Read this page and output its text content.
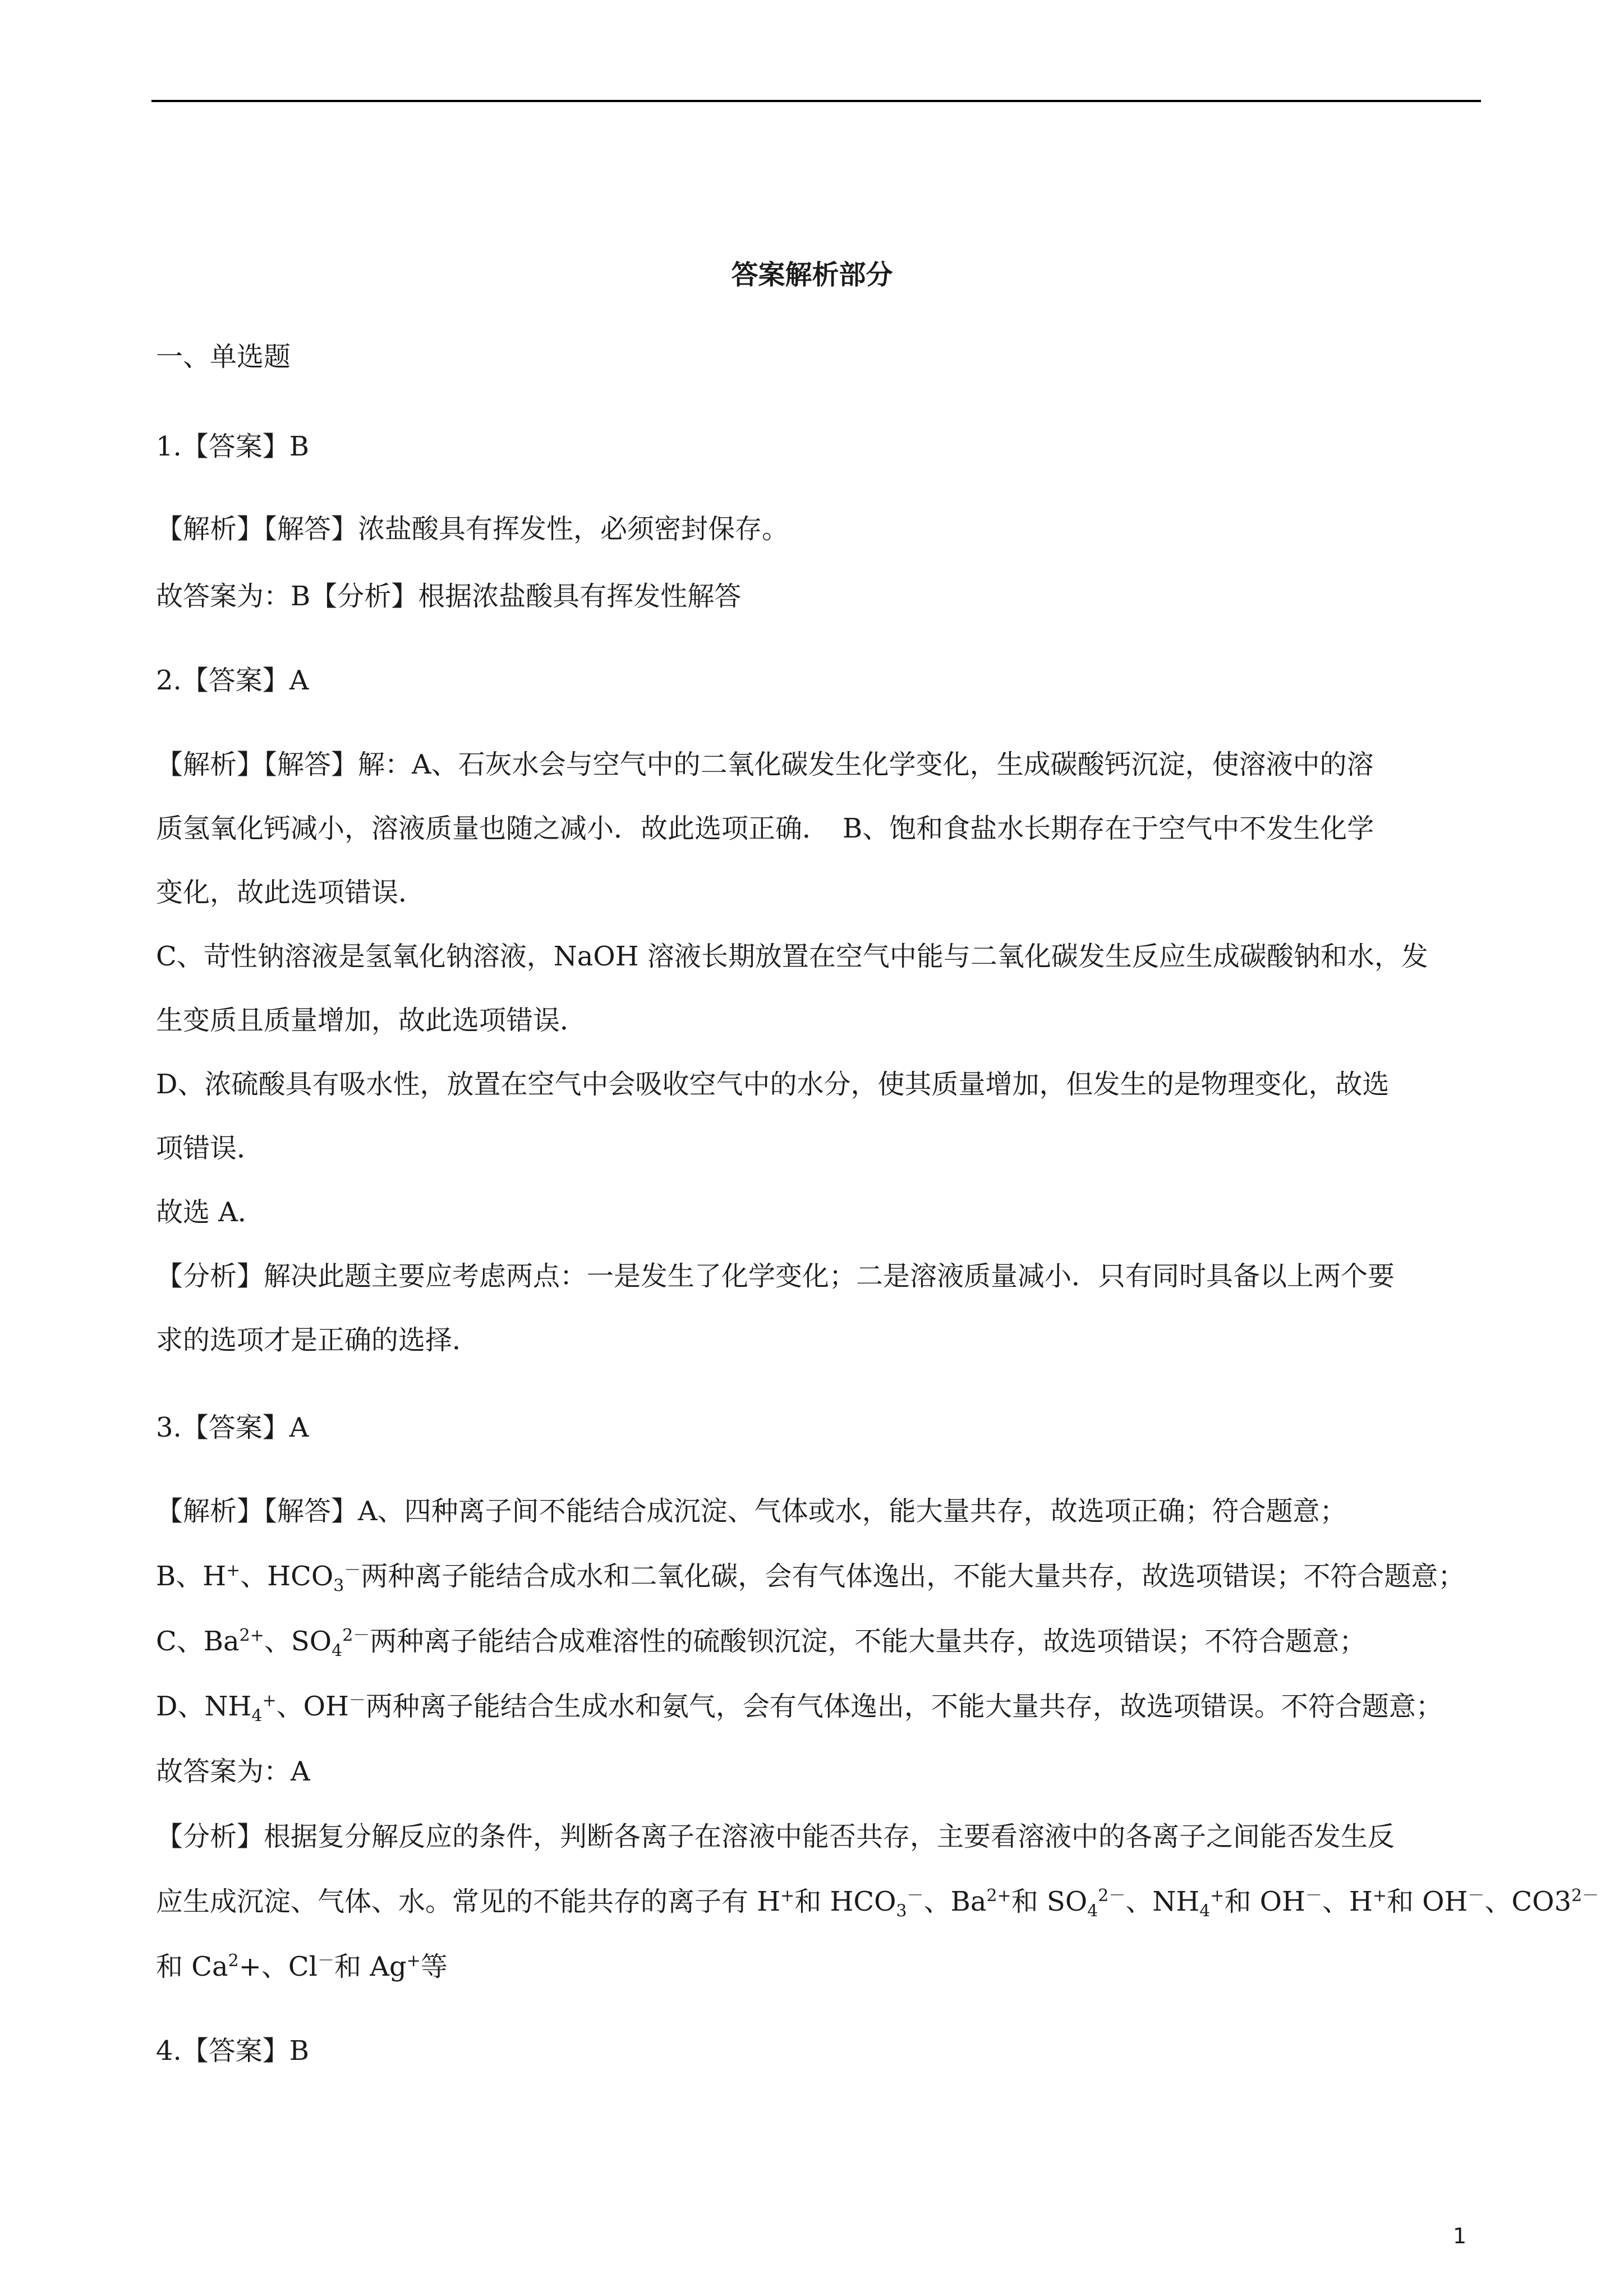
答案解析部分

一、单选题

1.【答案】B

【解析】【解答】浓盐酸具有挥发性，必须密封保存。

故答案为：B【分析】根据浓盐酸具有挥发性解答

2.【答案】A

【解析】【解答】解：A、石灰水会与空气中的二氧化碳发生化学变化，生成碳酸钙沉淀，使溶液中的溶

质氢氧化钙减小，溶液质量也随之减小．故此选项正确．　B、饱和食盐水长期存在于空气中不发生化学

变化，故此选项错误．

C、苛性钠溶液是氢氧化钠溶液，NaOH 溶液长期放置在空气中能与二氧化碳发生反应生成碳酸钠和水，发

生变质且质量增加，故此选项错误．

D、浓硫酸具有吸水性，放置在空气中会吸收空气中的水分，使其质量增加，但发生的是物理变化，故选

项错误．

故选 A．

【分析】解决此题主要应考虑两点：一是发生了化学变化；二是溶液质量减小．只有同时具备以上两个要

求的选项才是正确的选择．

3.【答案】A

【解析】【解答】A、四种离子间不能结合成沉淀、气体或水，能大量共存，故选项正确；符合题意；

B、H+、$HCO_3^-$两种离子能结合成水和二氧化碳，会有气体逸出，不能大量共存，故选项错误；不符合题意；

C、$Ba^{2+}$、$SO_4^{2-}$两种离子能结合成难溶性的硫酸钡沉淀，不能大量共存，故选项错误；不符合题意；

D、$NH_4^+$、OH－两种离子能结合生成水和氨气，会有气体逸出，不能大量共存，故选项错误。不符合题意；

故答案为：A

【分析】根据复分解反应的条件，判断各离子在溶液中能否共存，主要看溶液中的各离子之间能否发生反

应生成沉淀、气体、水。常见的不能共存的离子有 H+和 $HCO_3^-$、$Ba^{2+}$和 $SO_4^{2-}$、$NH_4^+$和 OH－、H+和 OH－、$CO3^{2-}$

和 $Ca^2+$、Cl－和 Ag+等

4.【答案】B

1
